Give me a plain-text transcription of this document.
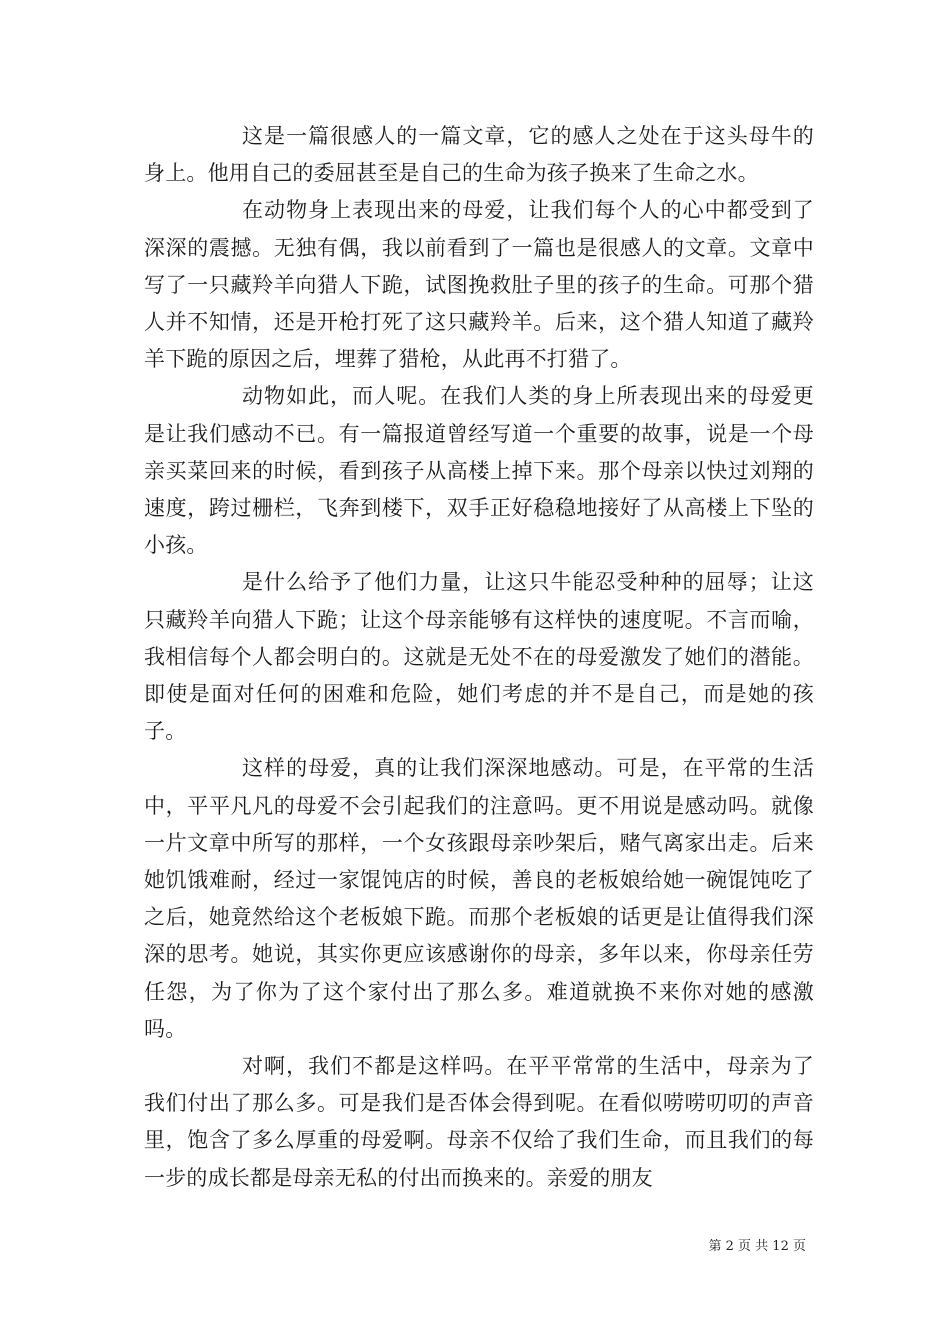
这是一篇很感人的一篇文章，它的感人之处在于这头母牛的身上。他用自己的委屈甚至是自己的生命为孩子换来了生命之水。

在动物身上表现出来的母爱，让我们每个人的心中都受到了深深的震撼。无独有偶，我以前看到了一篇也是很感人的文章。文章中写了一只藏羚羊向猎人下跪，试图挽救肚子里的孩子的生命。可那个猎人并不知情，还是开枪打死了这只藏羚羊。后来，这个猎人知道了藏羚羊下跪的原因之后，埋葬了猎枪，从此再不打猎了。

动物如此，而人呢。在我们人类的身上所表现出来的母爱更是让我们感动不已。有一篇报道曾经写道一个重要的故事，说是一个母亲买菜回来的时候，看到孩子从高楼上掉下来。那个母亲以快过刘翔的速度，跨过栅栏，飞奔到楼下，双手正好稳稳地接好了从高楼上下坠的小孩。

是什么给予了他们力量，让这只牛能忍受种种的屈辱；让这只藏羚羊向猎人下跪；让这个母亲能够有这样快的速度呢。不言而喻，我相信每个人都会明白的。这就是无处不在的母爱激发了她们的潜能。即使是面对任何的困难和危险，她们考虑的并不是自己，而是她的孩子。

这样的母爱，真的让我们深深地感动。可是，在平常的生活中，平平凡凡的母爱不会引起我们的注意吗。更不用说是感动吗。就像一片文章中所写的那样，一个女孩跟母亲吵架后，赌气离家出走。后来她饥饿难耐，经过一家馄饨店的时候，善良的老板娘给她一碗馄饨吃了之后，她竟然给这个老板娘下跪。而那个老板娘的话更是让值得我们深深的思考。她说，其实你更应该感谢你的母亲，多年以来，你母亲任劳任怨，为了你为了这个家付出了那么多。难道就换不来你对她的感激吗。

对啊，我们不都是这样吗。在平平常常的生活中，母亲为了我们付出了那么多。可是我们是否体会得到呢。在看似唠唠叨叨的声音里，饱含了多么厚重的母爱啊。母亲不仅给了我们生命，而且我们的每一步的成长都是母亲无私的付出而换来的。亲爱的朋友

第 2 页 共 12 页
